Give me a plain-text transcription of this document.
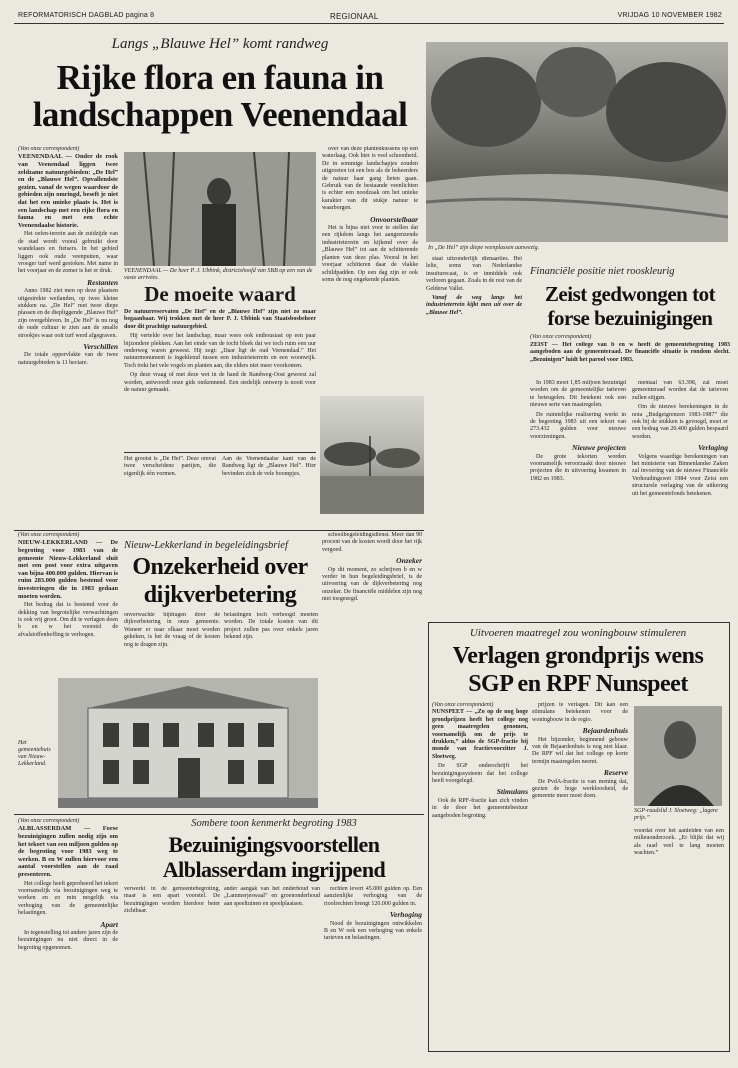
REFORMATORISCH DAGBLAD pagina 8	REGIONAAL	VRIJDAG 10 NOVEMBER 1982
Langs „Blauwe Hel” komt randweg
Rijke flora en fauna in
landschappen Veenendaal
In „De Hel” zijn diepe veenplassen aanwezig.
(Van onze correspondent)

VEENENDAAL — Onder de rook van Veenendaal liggen twee zeldzame natuurgebieden: „De Hel” en de „Blauwe Hel”. Opvallendste gezien, vanaf de wegen waardoor de gebieden zijn omringd, beseft je niet dat het een unieke plaats is. Het is een landschap met een rijke flora en fauna en met een echte Veenendaalse historie.

Het oefen-terrein aan de zuidzijde van de stad wordt vooral gebruikt door wandelaars en fietsers. In het gebied liggen ook oude veenputten, waar vroeger turf werd gestoken. Met name in het voorjaar en de zomer is het er druk.

Restanten

Anno 1982 ziet men op deze plaatsen uitgestrekte weilanden, op twee kleine stukken na. „De Hel” met twee diepe plassen en de diepliggende „Blauwe Hel” zijn overgebleven. In „De Hel” is nu nog de oude cultuur te zien aan de smalle strookjes waar ooit turf werd afgegraven.

Verschillen

De totale oppervlakte van de twee natuurgebieden is 11 hectare.

VEENENDAAL — De heer P. J. Ubbink, districtshoofd van SBB op een van de vaste arrivées.
De moeite waard

De natuurreservaten „De Hel” en de „Blauwe Hel” zijn niet zo maar begaanbaar. Wij trokken met de heer P. J. Ubbink van Staatsbosbeheer door dit prachtige natuurgebied.

Hij vertelde over het landschap, maar wees ook enthousiast op een paar bijzondere plekken. Aan het einde van de tocht bleek dat we toch ruim een uur onderweg waren geweest. Hij zegt: „Daar ligt de oud Veenendaal.” Het natuurmonument is ingeklemd tussen een industrieterrein en een woonwijk. Toch trekt het vele vogels en planten aan, die elders niet meer voorkomen.

Op deze vraag of met deze wet in de hand de Randweg-Oost geweest zal worden, antwoordt onze gids ontkennend. Een stedelijk ontwerp is nooit voor de natuur gemaakt.

Het grootst is „De Hel”. Deze omvat twee verscheidene partijen, die eigenlijk één vormen.
Aan de Veenendaalse kant van de Randweg ligt de „Blauwe Hel”. Hier bevinden zich de vele boompjes.

over van deze plantenkussens op een waterlaag. Ook hier is veel schoonheid. De in sommige landschapjes zouden uitgroeien tot een bos als de beheerders de natuur haar gang lieten gaan. Gebruik van de bestaande veenlichten is echter een noodzaak om het unieke karakter van dit stukje natuur te waarborgen.

Onvoorstelbaar

Het is bijna niet voor te stellen dat een rijkdom langs het aangrenzende industrieterrein en kijkend over de „Blauwe Hel” tot aan de schitterende planten van deze plas. Vooral in het voorjaar schitteren daar de vlakke schildpadden. Op een dag zijn er ook soms de nog ongekende planten.

staat uitzonderlijk dienaarties. Het lelie, soms van Nederlandse insuiturecaat, is er inmiddels ook verloren gegaan. Zoals in de rest van de Gelderse Vallei.

Vanaf de weg langs het industrieterrein kijkt men uit over de „Blauwe Hel”.

Financiële positie niet rooskleurig
Zeist gedwongen tot
forse bezuinigingen
(Van onze correspondent)

ZEIST — Het college van b en w heeft de gemeentebegroting 1983 aangeboden aan de gemeenteraad. De financiële situatie is rondom slecht. „Bezuinigen” luidt het parool voor 1983.

In 1983 moet 1,85 miljoen bezuinigd worden om de gemeentelijke tarieven te beteugelen. Dit betekent ook een nieuwe serie van maatregelen.

De ruimtelijke realisering werkt in de begroting 1983 uit een tekort van 273.432 gulden voor nieuwe voorzieningen.

Nieuwe projecten

De grote tekorten worden voornamelijk veroorzaakt door nieuwe projecten die in uitvoering kwamen in 1982 en 1983.

mentaal van 63.398, zal moet gemeenteraad worden dat de tarieven zullen stijgen.

Om de nieuwe berekeningen in de nota „Budgetgrenzen 1983-1987” die ook bij de stukken is gevoegd, moet er een bedrag van 20.400 gulden bespaard worden.

Verlaging

Volgens waardige berekeningen van het ministerie van Binnenlandse Zaken zal invoering van de nieuwe Financiële Verhoudingswet 1984 voor Zeist een structurele verlaging van de uitkering uit het gemeentefonds betekenen.

(Van onze correspondent)

NIEUW-LEKKERLAND — De begroting voor 1983 van de gemeente Nieuw-Lekkerland sluit met een post voor extra uitgaven van bijna 400.000 gulden. Hiervan is ruim 283.000 gulden bestemd voor investeringen die in 1983 gedaan moeten worden.

Het bedrag dat is bestemd voor de dekking van begrotelijke verwachtingen is ook vrij groot. Om dit te verlagen doen b en w het voorstel de afvalstoffenheffing te verhogen.

Nieuw-Lekkerland in begeleidingsbrief
Onzekerheid over
dijkverbetering
onverwachte bijdragen door de dijkverbetering in onze gemeente. Waneer er naar elkaar moet worden gekeken, is het de vraag of de kosten nog te dragen zijn.
belastingen toch verhoogd moeten worden. De totale kosten van dit project zullen pas over enkele jaren bekend zijn.

schoolbegeleidingsdienst. Meer dan 90 procent van de kosten wordt door het rijk vergoed.

Onzeker

Op dit moment, zo schrijven b en w verder in hun begeleidingsbrief, is de uitvoering van de dijkverbetering nog onzeker. De financiële middelen zijn nog niet toegezegd.

Het gemeentehuis van Nieuw-Lekkerland.
(Van onze correspondent)

ALBLASSERDAM — Forse bezuinigingen zullen nodig zijn om het tekort van een miljoen gulden op de begroting voor 1983 weg te werken. B en W zullen hiervoor een aantal voorstellen aan de raad presenteren.

Het college heeft geprobeerd het tekort voornamelijk via bezuinigingen weg te werken en zo min mogelijk via verhoging van de gemeentelijke belastingen.

Apart

In tegenstelling tot andere jaren zijn de bezuinigingen nu niet direct in de begroting opgenomen.

Sombere toon kenmerkt begroting 1983
Bezuinigingsvoorstellen
Alblasserdam ingrijpend
verwerkt in de gemeentebegroting, maar is een apart voorstel. De bezuinigingen worden hierdoor beter zichtbaar.
ander aangak van het onderhoud van „Lammerjeswaal” en groenonderhoud aan speeltuinen en speelplaatsen.

rechten levert 45.000 gulden op. Een aanzienlijke verhoging van de rioolrechten brengt 120.000 gulden in.

Verhoging

Nood de bezuinigingen ontwikkelen B en W ook een verhoging van enkele tarieven en belastingen.

Uitvoeren maatregel zou woningbouw stimuleren
Verlagen grondprijs wens
SGP en RPF Nunspeet
(Van onze correspondent)

NUNSPEET — „Zo op de nog hoge grondprijzen heeft het college nog geen maatregelen genomen, voornamelijk om de prijs te drukken,” aldus de SGP-fractie bij monde van fractievoorzitter J. Sloetweg.

De SGP onderschrijft het bezuinigingssysteem dat het college heeft voorgelegd.

Stimulans

Ook de RPF-fractie kan zich vinden in de door het gemeentebestuur aangeboden begroting.

prijzen te verlagen. Dit kan een stimulans betekenen voor de woningbouw in de regio.

Bejaardenhuis

Het bijzonder, beginnend gebouw van de Bejaardenhuis is nog niet klaar. De RPF wil dat het college op korte termijn maatregelen neemt.

Reserve

De PvdA-fractie is van mening dat, gezien de hoge werkloosheid, de gemeente meer moet doen.

SGP-raadslid J. Sloetweg: „lagere prijs.”
voordat over het aanleiden van een milieuonderzoek. „Er blijkt dat wij als raad veel te lang moeten wachten.”
